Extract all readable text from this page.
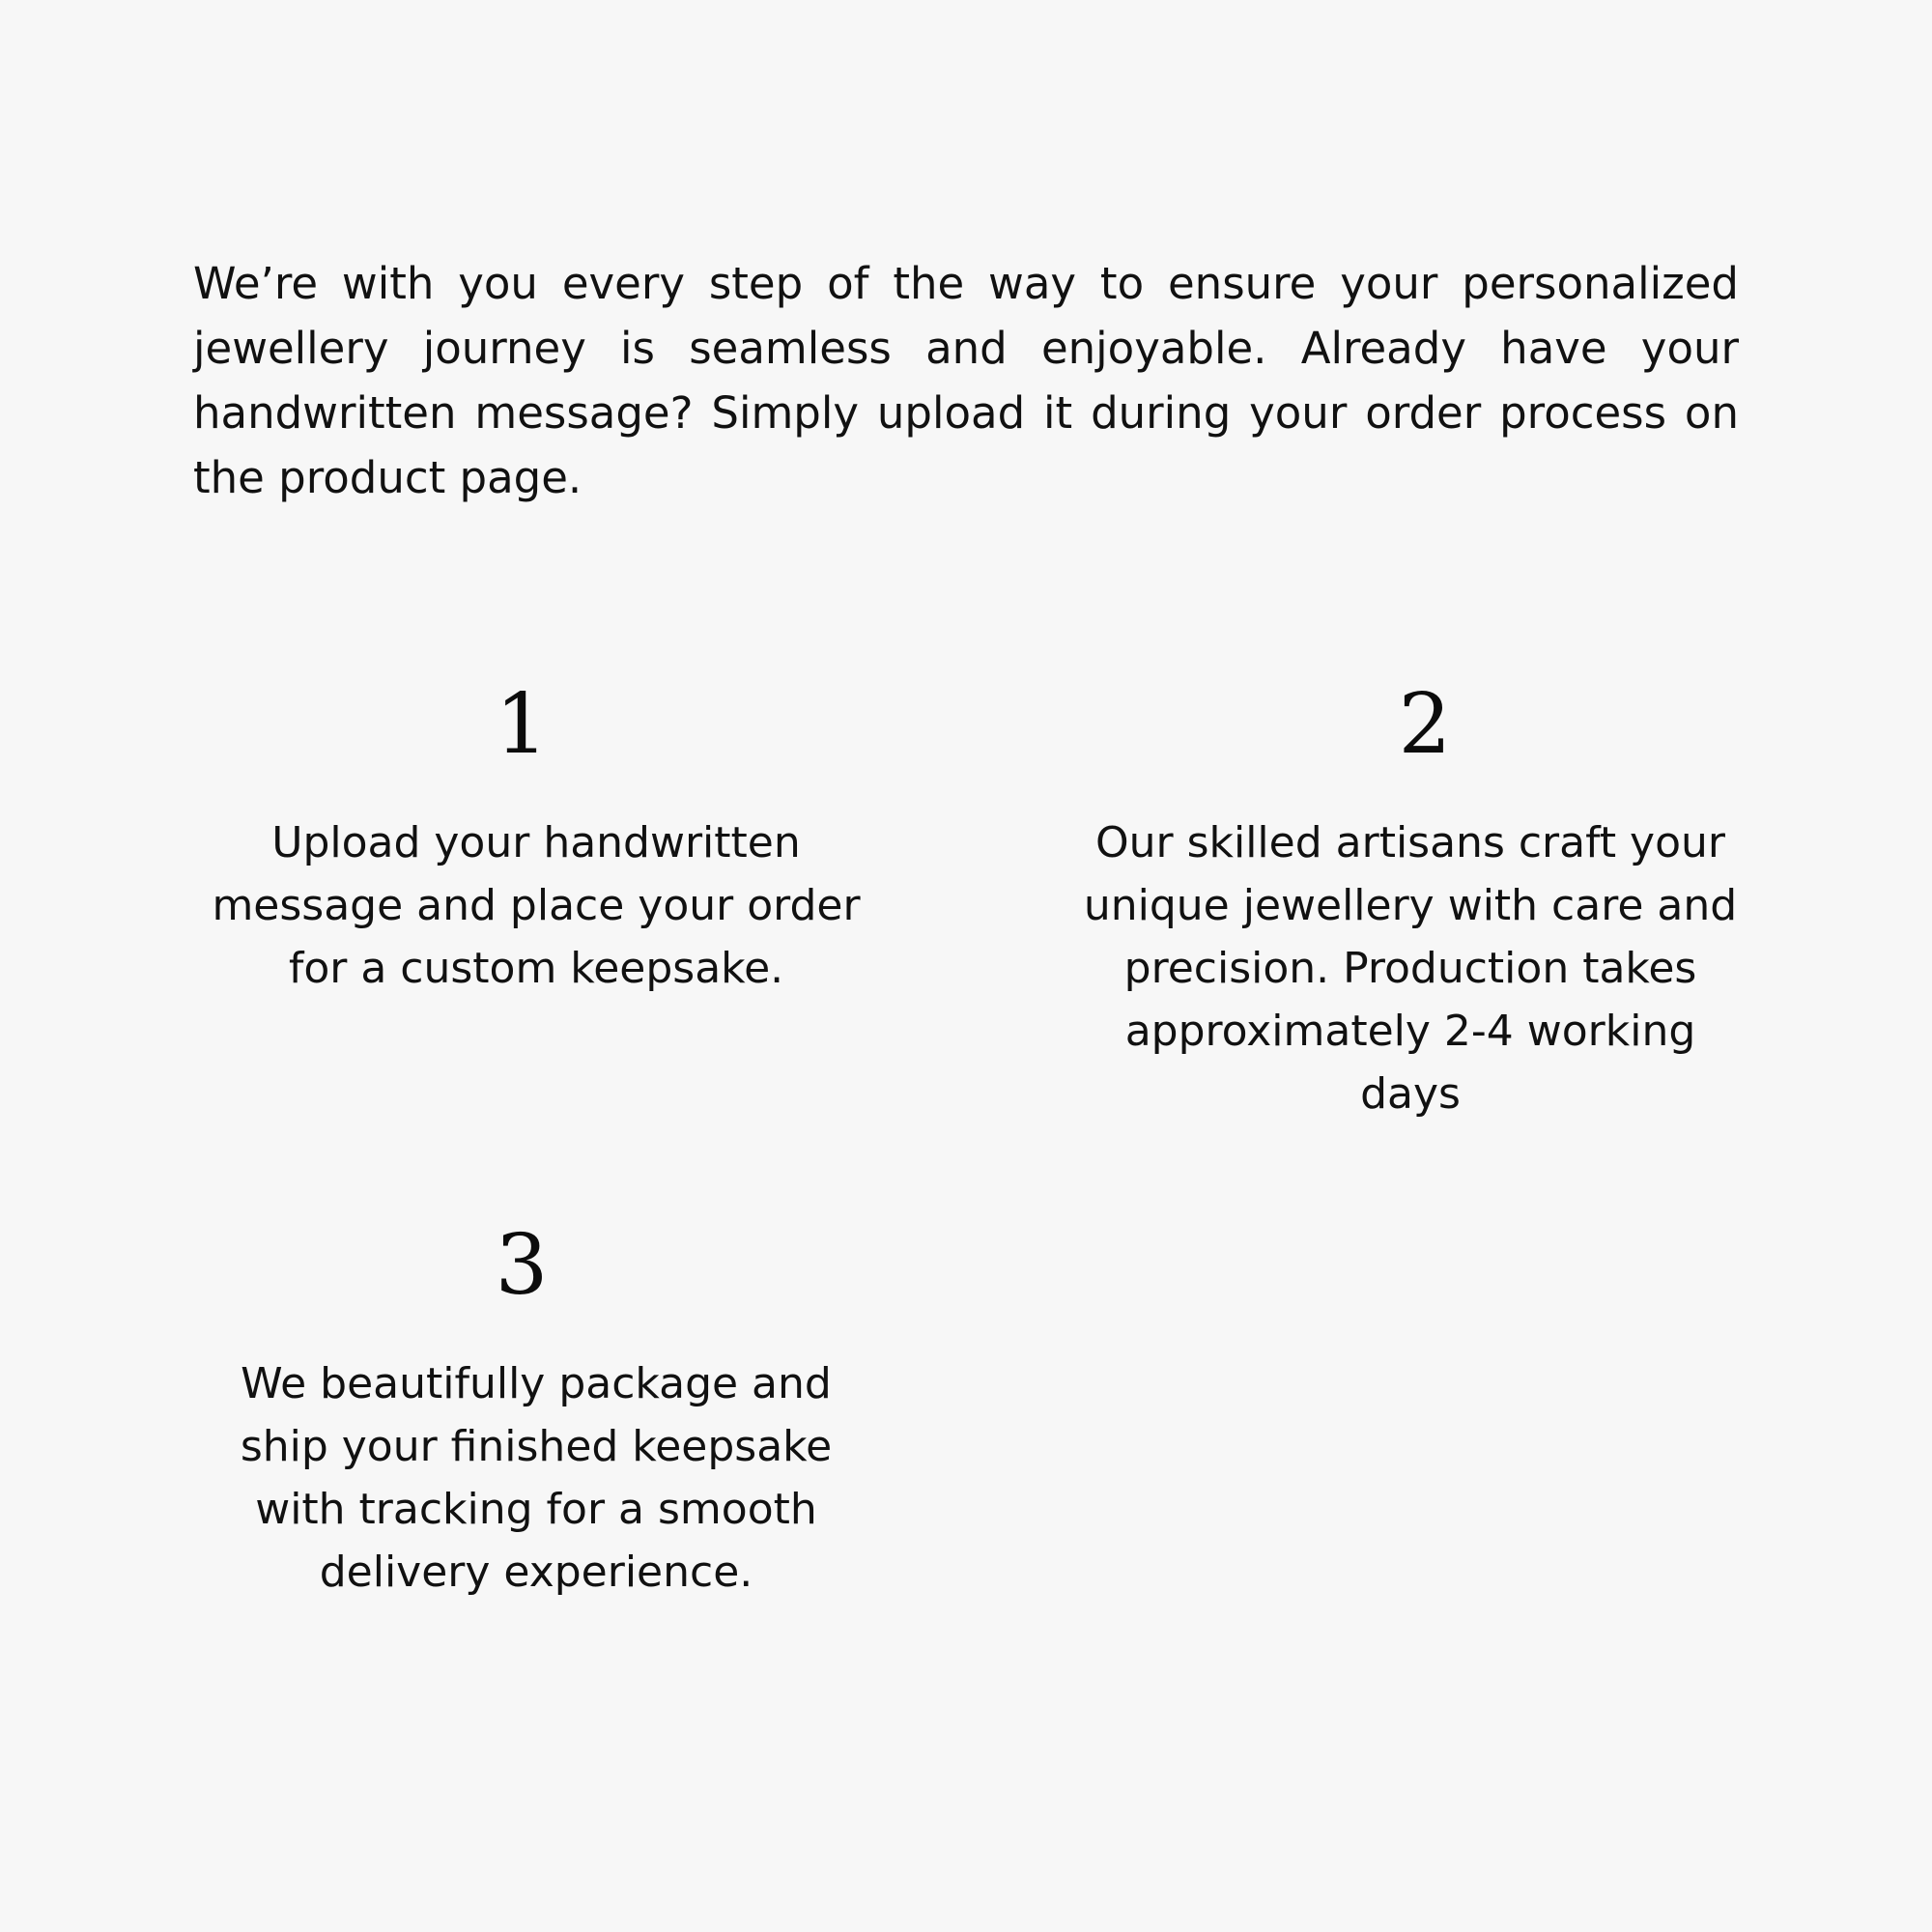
We’re with you every step of the way to ensure your personalized jewellery journey is seamless and enjoyable. Already have your handwritten message? Simply upload it during your order process on the product page.

1
Upload your handwritten message and place your order for a custom keepsake.
2
Our skilled artisans craft your unique jewellery with care and precision. Production takes approximately 2-4 working days
3
We beautifully package and ship your finished keepsake with tracking for a smooth delivery experience.
